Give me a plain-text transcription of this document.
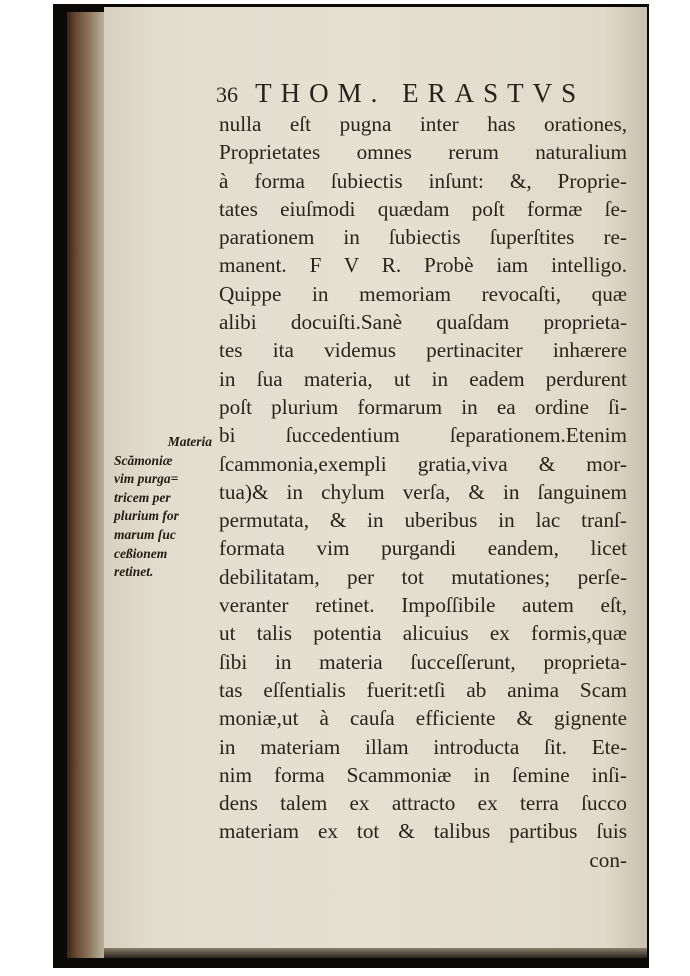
36 THOM. ERASTVS
nulla eſt pugna inter has orationes,
Proprietates omnes rerum naturalium
à forma ſubiectis inſunt: &, Proprie-
tates eiuſmodi quædam poſt formæ ſe-
parationem in ſubiectis ſuperſtites re-
manent. F V R. Probè iam intelligo.
Quippe in memoriam revocaſti, quæ
alibi docuiſti.Sanè quaſdam proprieta-
tes ita videmus pertinaciter inhærere
in ſua materia, ut in eadem perdurent
poſt plurium formarum in ea ordine ſi-
bi ſuccedentium ſeparationem.Etenim
ſcammonia,exempli gratia,viva & mor-
tua)& in chylum verſa, & in ſanguinem
permutata, & in uberibus in lac tranſ-
formata vim purgandi eandem, licet
debilitatam, per tot mutationes; perſe-
veranter retinet. Impoſſibile autem eſt,
ut talis potentia alicuius ex formis,quæ
ſibi in materia ſucceſſerunt, proprieta-
tas eſſentialis fuerit:etſi ab anima Scam
moniæ,ut à cauſa efficiente & gignente
in materiam illam introducta ſit. Ete-
nim forma Scammoniæ in ſemine inſi-
dens talem ex attracto ex terra ſucco
materiam ex tot & talibus partibus ſuis
con-
Materia
Scămoniæ
vim purga=
tricem per
plurium for
marum ſuc
ceßionem
retinet.
